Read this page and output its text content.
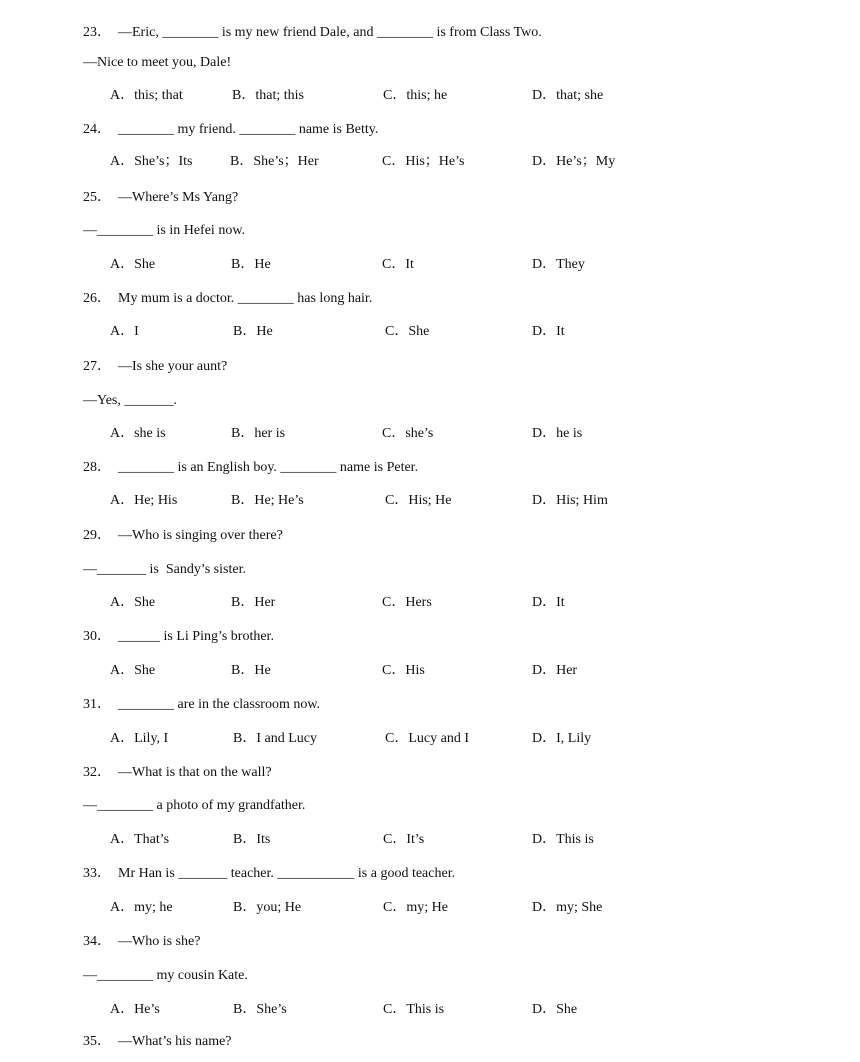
23．  —Eric, ________ is my new friend Dale, and ________ is from Class Two.
—Nice to meet you, Dale!
A．this; that	B．that; this	C．this; he	D．that; she
24．  ________ my friend. ________ name is Betty.
A．She’s；Its	B．She’s；Her	C．His；He’s	D．He’s；My
25．  —Where’s Ms Yang?
—________ is in Hefei now.
A．She	B．He	C．It	D．They
26．  My mum is a doctor. ________ has long hair.
A．I	B．He	C．She	D．It
27．  —Is she your aunt?
—Yes, _______.
A．she is	B．her is	C．she’s	D．he is
28．  ________ is an English boy. ________ name is Peter.
A．He; His	B．He; He’s	C．His; He	D．His; Him
29．  —Who is singing over there?
—_______ is  Sandy’s sister.
A．She	B．Her	C．Hers	D．It
30．  ______ is Li Ping’s brother.
A．She	B．He	C．His	D．Her
31．  ________ are in the classroom now.
A．Lily, I	B．I and Lucy	C．Lucy and I	D．I, Lily
32．  —What is that on the wall?
—________ a photo of my grandfather.
A．That’s	B．Its	C．It’s	D．This is
33．  Mr Han is _______ teacher. ___________ is a good teacher.
A．my; he	B．you; He	C．my; He	D．my; She
34．  —Who is she?
—________ my cousin Kate.
A．He’s	B．She’s	C．This is	D．She
35．  —What’s his name?
